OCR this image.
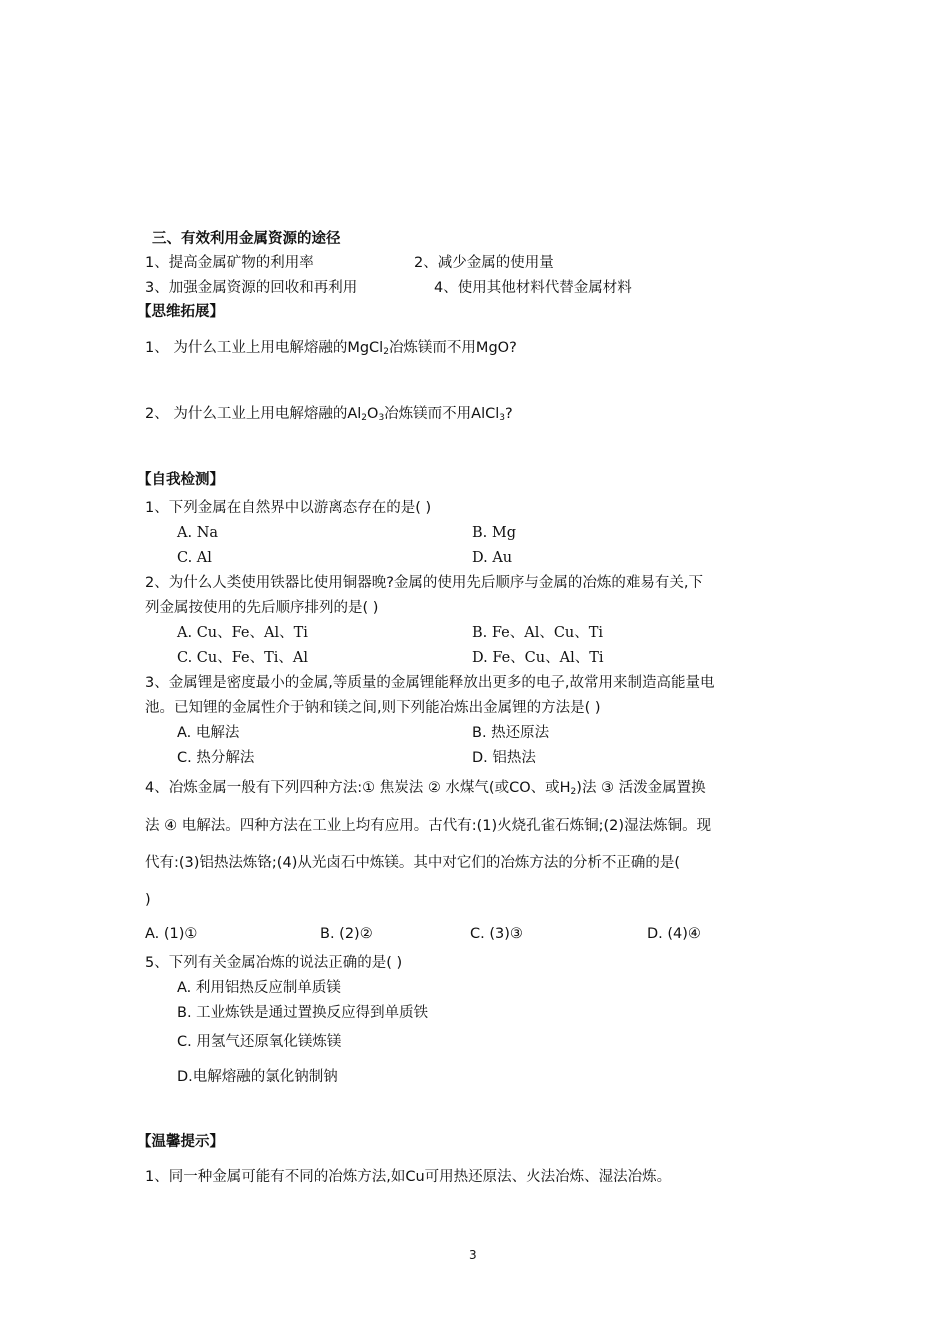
三、有效利用金属资源的途径
1、提高金属矿物的利用率	2、减少金属的使用量
3、加强金属资源的回收和再利用	4、使用其他材料代替金属材料
【思维拓展】
1、 为什么工业上用电解熔融的MgCl$_2$冶炼镁而不用MgO?
2、 为什么工业上用电解熔融的$Al_2O_3$冶炼镁而不用AlCl$_3$?
【自我检测】
1、下列金属在自然界中以游离态存在的是( )
A. Na	B. Mg
C. Al	D. Au
2、为什么人类使用铁器比使用铜器晚?金属的使用先后顺序与金属的冶炼的难易有关,下
列金属按使用的先后顺序排列的是( )
A. Cu、Fe、Al、Ti	B. Fe、Al、Cu、Ti
C. Cu、Fe、Ti、Al	D. Fe、Cu、Al、Ti
3、金属锂是密度最小的金属,等质量的金属锂能释放出更多的电子,故常用来制造高能量电
池。已知锂的金属性介于钠和镁之间,则下列能冶炼出金属锂的方法是( )
A. 电解法	B. 热还原法
C. 热分解法	D. 铝热法
4、冶炼金属一般有下列四种方法:① 焦炭法 ② 水煤气(或CO、或$H_2$)法 ③ 活泼金属置换
法 ④ 电解法。四种方法在工业上均有应用。古代有:(1)火烧孔雀石炼铜;(2)湿法炼铜。现
代有:(3)铝热法炼铬;(4)从光卤石中炼镁。其中对它们的冶炼方法的分析不正确的是(
)
A. (1)①	B. (2)②	C. (3)③	D. (4)④
5、下列有关金属冶炼的说法正确的是( )
A. 利用铝热反应制单质镁
B. 工业炼铁是通过置换反应得到单质铁
C. 用氢气还原氧化镁炼镁
D.电解熔融的氯化钠制钠
【温馨提示】
1、同一种金属可能有不同的冶炼方法,如Cu可用热还原法、火法冶炼、湿法冶炼。
3
